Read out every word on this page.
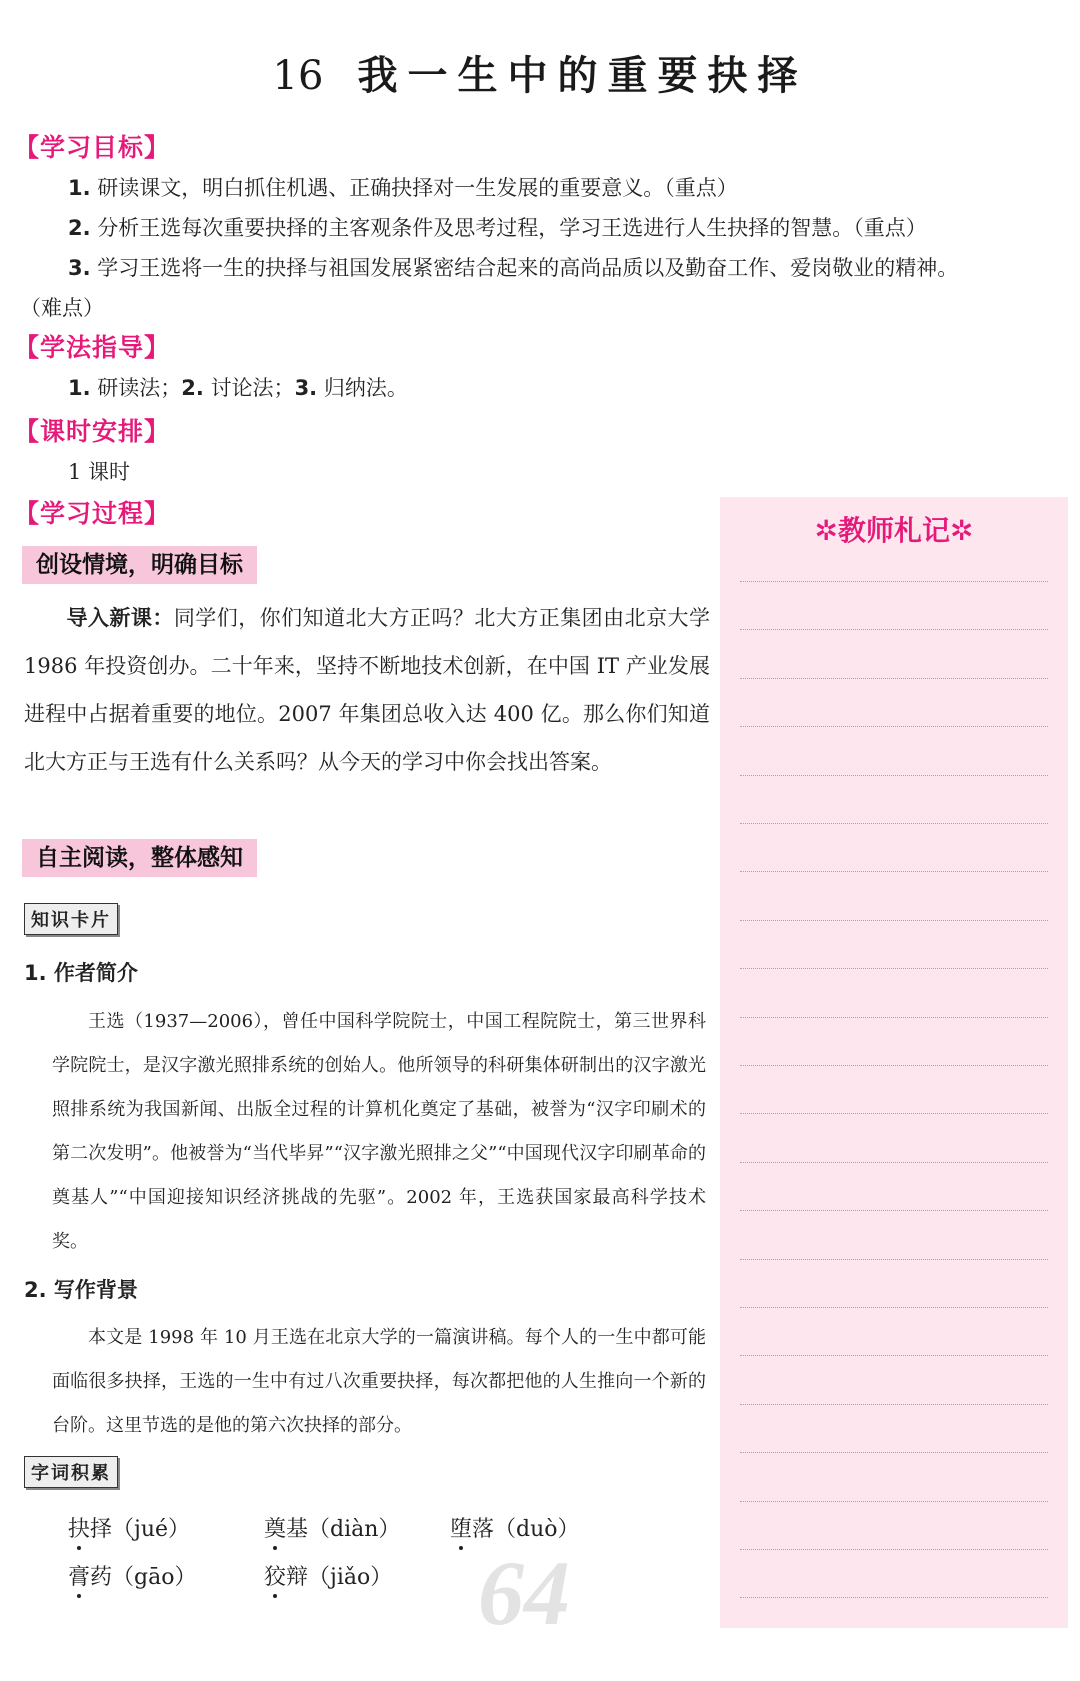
16 我一生中的重要抉择
【学习目标】
1. 研读课文，明白抓住机遇、正确抉择对一生发展的重要意义。（重点）
2. 分析王选每次重要抉择的主客观条件及思考过程，学习王选进行人生抉择的智慧。（重点）
3. 学习王选将一生的抉择与祖国发展紧密结合起来的高尚品质以及勤奋工作、爱岗敬业的精神。
（难点）
【学法指导】
1. 研读法；2. 讨论法；3. 归纳法。
【课时安排】
1 课时
【学习过程】
创设情境，明确目标
导入新课：同学们，你们知道北大方正吗？北大方正集团由北京大学 1986 年投资创办。二十年来，坚持不断地技术创新，在中国 IT 产业发展进程中占据着重要的地位。2007 年集团总收入达 400 亿。那么你们知道北大方正与王选有什么关系吗？从今天的学习中你会找出答案。
自主阅读，整体感知
知识卡片
1. 作者简介

王选（1937—2006），曾任中国科学院院士，中国工程院院士，第三世界科学院院士，是汉字激光照排系统的创始人。他所领导的科研集体研制出的汉字激光照排系统为我国新闻、出版全过程的计算机化奠定了基础，被誉为“汉字印刷术的第二次发明”。他被誉为“当代毕昇”“汉字激光照排之父”“中国现代汉字印刷革命的奠基人”“中国迎接知识经济挑战的先驱”。2002 年，王选获国家最高科学技术奖。

2. 写作背景

本文是 1998 年 10 月王选在北京大学的一篇演讲稿。每个人的一生中都可能面临很多抉择，王选的一生中有过八次重要抉择，每次都把他的人生推向一个新的台阶。这里节选的是他的第六次抉择的部分。

字词积累
抉择（jué）	奠基（diàn） 堕落（duò）
膏药（gāo）	狡辩（jiǎo） 64
✲教师札记✲
